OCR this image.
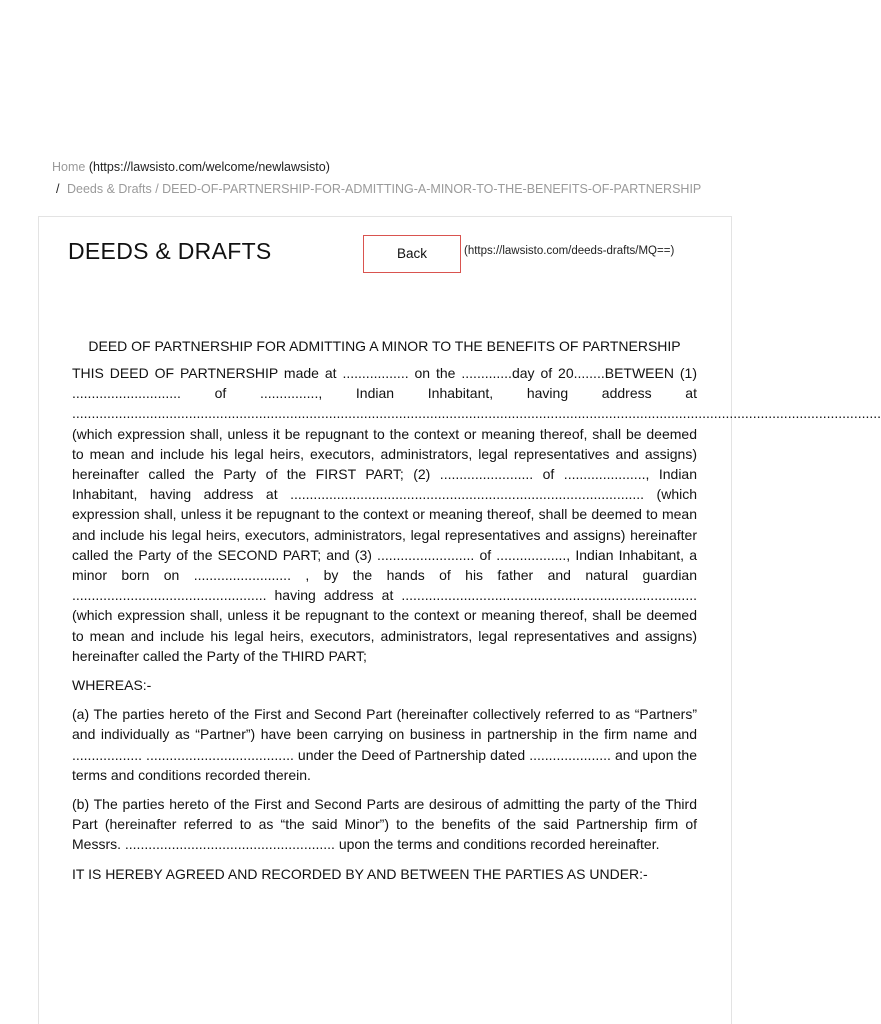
Home (https://lawsisto.com/welcome/newlawsisto)
/ Deeds & Drafts / DEED-OF-PARTNERSHIP-FOR-ADMITTING-A-MINOR-TO-THE-BENEFITS-OF-PARTNERSHIP
DEEDS & DRAFTS	Back	(https://lawsisto.com/deeds-drafts/MQ==)
DEED OF PARTNERSHIP FOR ADMITTING A MINOR TO THE BENEFITS OF PARTNERSHIP

THIS DEED OF PARTNERSHIP made at ................. on the .............day of 20........BETWEEN (1) ............................ of ..............., Indian Inhabitant, having address at

................................................................................................................................................................................................................

(which expression shall, unless it be repugnant to the context or meaning thereof, shall be deemed to mean and include his legal heirs, executors, administrators, legal representatives and assigns) hereinafter called the Party of the FIRST PART; (2) ........................ of ....................., Indian Inhabitant, having address at ........................................................................................... (which expression shall, unless it be repugnant to the context or meaning thereof, shall be deemed to mean and include his legal heirs, executors, administrators, legal representatives and assigns) hereinafter called the Party of the SECOND PART; and (3) ......................... of .................., Indian Inhabitant, a minor born on ......................... , by the hands of his father and natural guardian .................................................. having address at ............................................................................ (which expression shall, unless it be repugnant to the context or meaning thereof, shall be deemed to mean and include his legal heirs, executors, administrators, legal representatives and assigns) hereinafter called the Party of the THIRD PART;

WHEREAS:-

(a) The parties hereto of the First and Second Part (hereinafter collectively referred to as “Partners” and individually as “Partner”) have been carrying on business in partnership in the firm name and .................. ...................................... under the Deed of Partnership dated ..................... and upon the terms and conditions recorded therein.

(b) The parties hereto of the First and Second Parts are desirous of admitting the party of the Third Part (hereinafter referred to as “the said Minor”) to the benefits of the said Partnership firm of Messrs. ...................................................... upon the terms and conditions recorded hereinafter.

IT IS HEREBY AGREED AND RECORDED BY AND BETWEEN THE PARTIES AS UNDER:-
